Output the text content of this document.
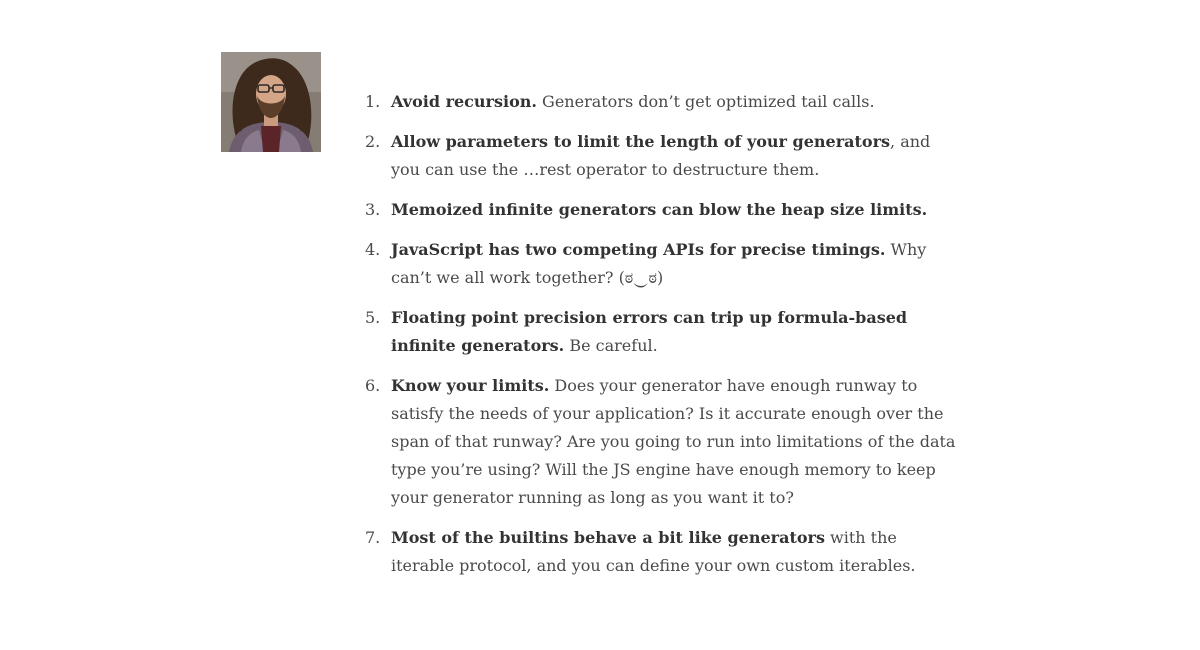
1. Avoid recursion. Generators don’t get optimized tail calls.
2. Allow parameters to limit the length of your generators, and you can use the …rest operator to destructure them.
3. Memoized infinite generators can blow the heap size limits.
4. JavaScript has two competing APIs for precise timings. Why can’t we all work together? (ಠ‿ಠ)
5. Floating point precision errors can trip up formula-based infinite generators. Be careful.
6. Know your limits. Does your generator have enough runway to satisfy the needs of your application? Is it accurate enough over the span of that runway? Are you going to run into limitations of the data type you’re using? Will the JS engine have enough memory to keep your generator running as long as you want it to?
7. Most of the builtins behave a bit like generators with the iterable protocol, and you can define your own custom iterables.
